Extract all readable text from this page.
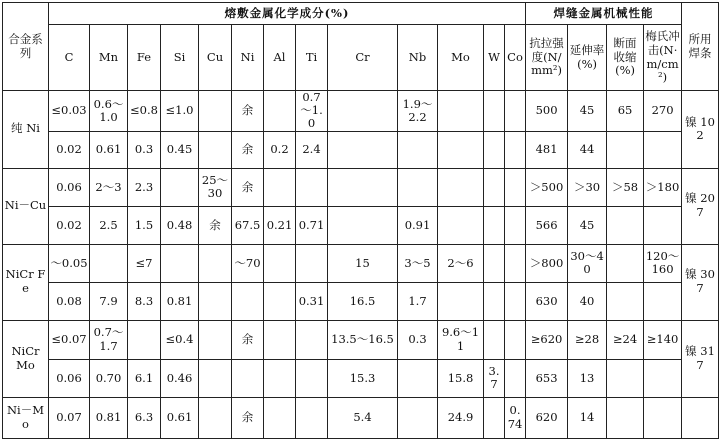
合金系列	熔敷金属化学成分(%)													焊缝金属机械性能				所用焊条
	C	Mn	Fe	Si	Cu	Ni	Al	Ti	Cr	Nb	Mo	W	Co	抗拉强度(N/mm²)	延伸率(%)	断面收缩(%)	梅氏冲击(N·m/cm²)	
纯 Ni	≤0.03	0.6～1.0	≤0.8	≤1.0		余		0.7～1.0		1.9～2.2				500	45	65	270	镍 102
	0.02	0.61	0.3	0.45		余	0.2	2.4						481	44			
Ni－Cu	0.06	2～3	2.3		25～30	余								＞500	＞30	＞58	＞180	镍 207
	0.02	2.5	1.5	0.48	余	67.5	0.21	0.71		0.91				566	45			
NiCr Fe	～0.05		≤7			～70			15	3～5	2～6			＞800	30～40		120～160	镍 307
	0.08	7.9	8.3	0.81				0.31	16.5	1.7				630	40			
NiCr Mo	≤0.07	0.7～1.7		≤0.4		余			13.5～16.5	0.3	9.6～11			≥620	≥28	≥24	≥140	镍 317
	0.06	0.70	6.1	0.46					15.3		15.8	3.7		653	13			
Ni－Mo	0.07	0.81	6.3	0.61		余			5.4		24.9		0.74	620	14			
